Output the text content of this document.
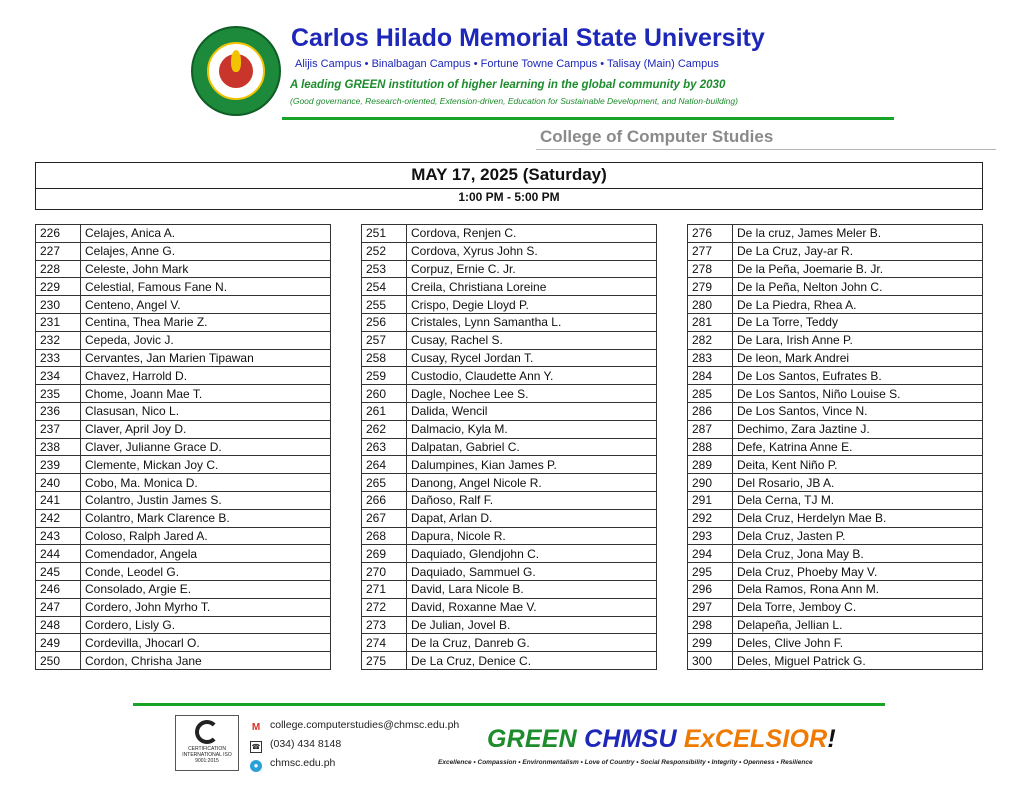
Carlos Hilado Memorial State University
Alijis Campus • Binalbagan Campus • Fortune Towne Campus • Talisay (Main) Campus
A leading GREEN institution of higher learning in the global community by 2030
(Good governance, Research-oriented, Extension-driven, Education for Sustainable Development, and Nation-building)
College of Computer Studies
MAY 17, 2025 (Saturday)
1:00 PM - 5:00 PM
226	Celajes, Anica A.
227	Celajes, Anne G.
228	Celeste, John Mark
229	Celestial, Famous Fane N.
230	Centeno, Angel V.
231	Centina, Thea Marie Z.
232	Cepeda, Jovic J.
233	Cervantes, Jan Marien Tipawan
234	Chavez, Harrold D.
235	Chome, Joann Mae T.
236	Clasusan, Nico L.
237	Claver, April Joy D.
238	Claver, Julianne Grace D.
239	Clemente, Mickan Joy C.
240	Cobo, Ma. Monica D.
241	Colantro, Justin James S.
242	Colantro, Mark Clarence B.
243	Coloso, Ralph Jared A.
244	Comendador, Angela
245	Conde, Leodel G.
246	Consolado, Argie E.
247	Cordero, John Myrho T.
248	Cordero, Lisly G.
249	Cordevilla, Jhocarl O.
250	Cordon, Chrisha Jane
251	Cordova, Renjen C.
252	Cordova, Xyrus John S.
253	Corpuz, Ernie C. Jr.
254	Creila, Christiana Loreine
255	Crispo, Degie Lloyd P.
256	Cristales, Lynn Samantha L.
257	Cusay, Rachel S.
258	Cusay, Rycel Jordan T.
259	Custodio, Claudette Ann Y.
260	Dagle, Nochee Lee S.
261	Dalida, Wencil
262	Dalmacio, Kyla M.
263	Dalpatan, Gabriel C.
264	Dalumpines, Kian James P.
265	Danong, Angel Nicole R.
266	Dañoso, Ralf F.
267	Dapat, Arlan D.
268	Dapura, Nicole R.
269	Daquiado, Glendjohn C.
270	Daquiado, Sammuel G.
271	David, Lara Nicole B.
272	David, Roxanne Mae V.
273	De Julian, Jovel B.
274	De la Cruz, Danreb G.
275	De La Cruz, Denice C.
276	De la cruz, James Meler B.
277	De La Cruz, Jay-ar R.
278	De la Peña, Joemarie B. Jr.
279	De la Peña, Nelton John C.
280	De La Piedra, Rhea A.
281	De La Torre, Teddy
282	De Lara, Irish Anne P.
283	De leon, Mark Andrei
284	De Los Santos, Eufrates B.
285	De Los Santos, Niño Louise S.
286	De Los Santos, Vince N.
287	Dechimo, Zara Jaztine J.
288	Defe, Katrina Anne E.
289	Deita, Kent Niño P.
290	Del Rosario, JB A.
291	Dela Cerna, TJ M.
292	Dela Cruz, Herdelyn Mae B.
293	Dela Cruz, Jasten P.
294	Dela Cruz, Jona May B.
295	Dela Cruz, Phoeby May V.
296	Dela Ramos, Rona Ann M.
297	Dela Torre, Jemboy C.
298	Delapeña, Jellian L.
299	Deles, Clive John F.
300	Deles, Miguel Patrick G.
CERTIFICATION INTERNATIONAL ISO 9001:2015
M college.computerstudies@chmsc.edu.ph
☎ (034) 434 8148
● chmsc.edu.ph
GREEN CHMSU ExCELSIOR!
Excellence • Compassion • Environmentalism • Love of Country • Social Responsibility • Integrity • Openness • Resilience
